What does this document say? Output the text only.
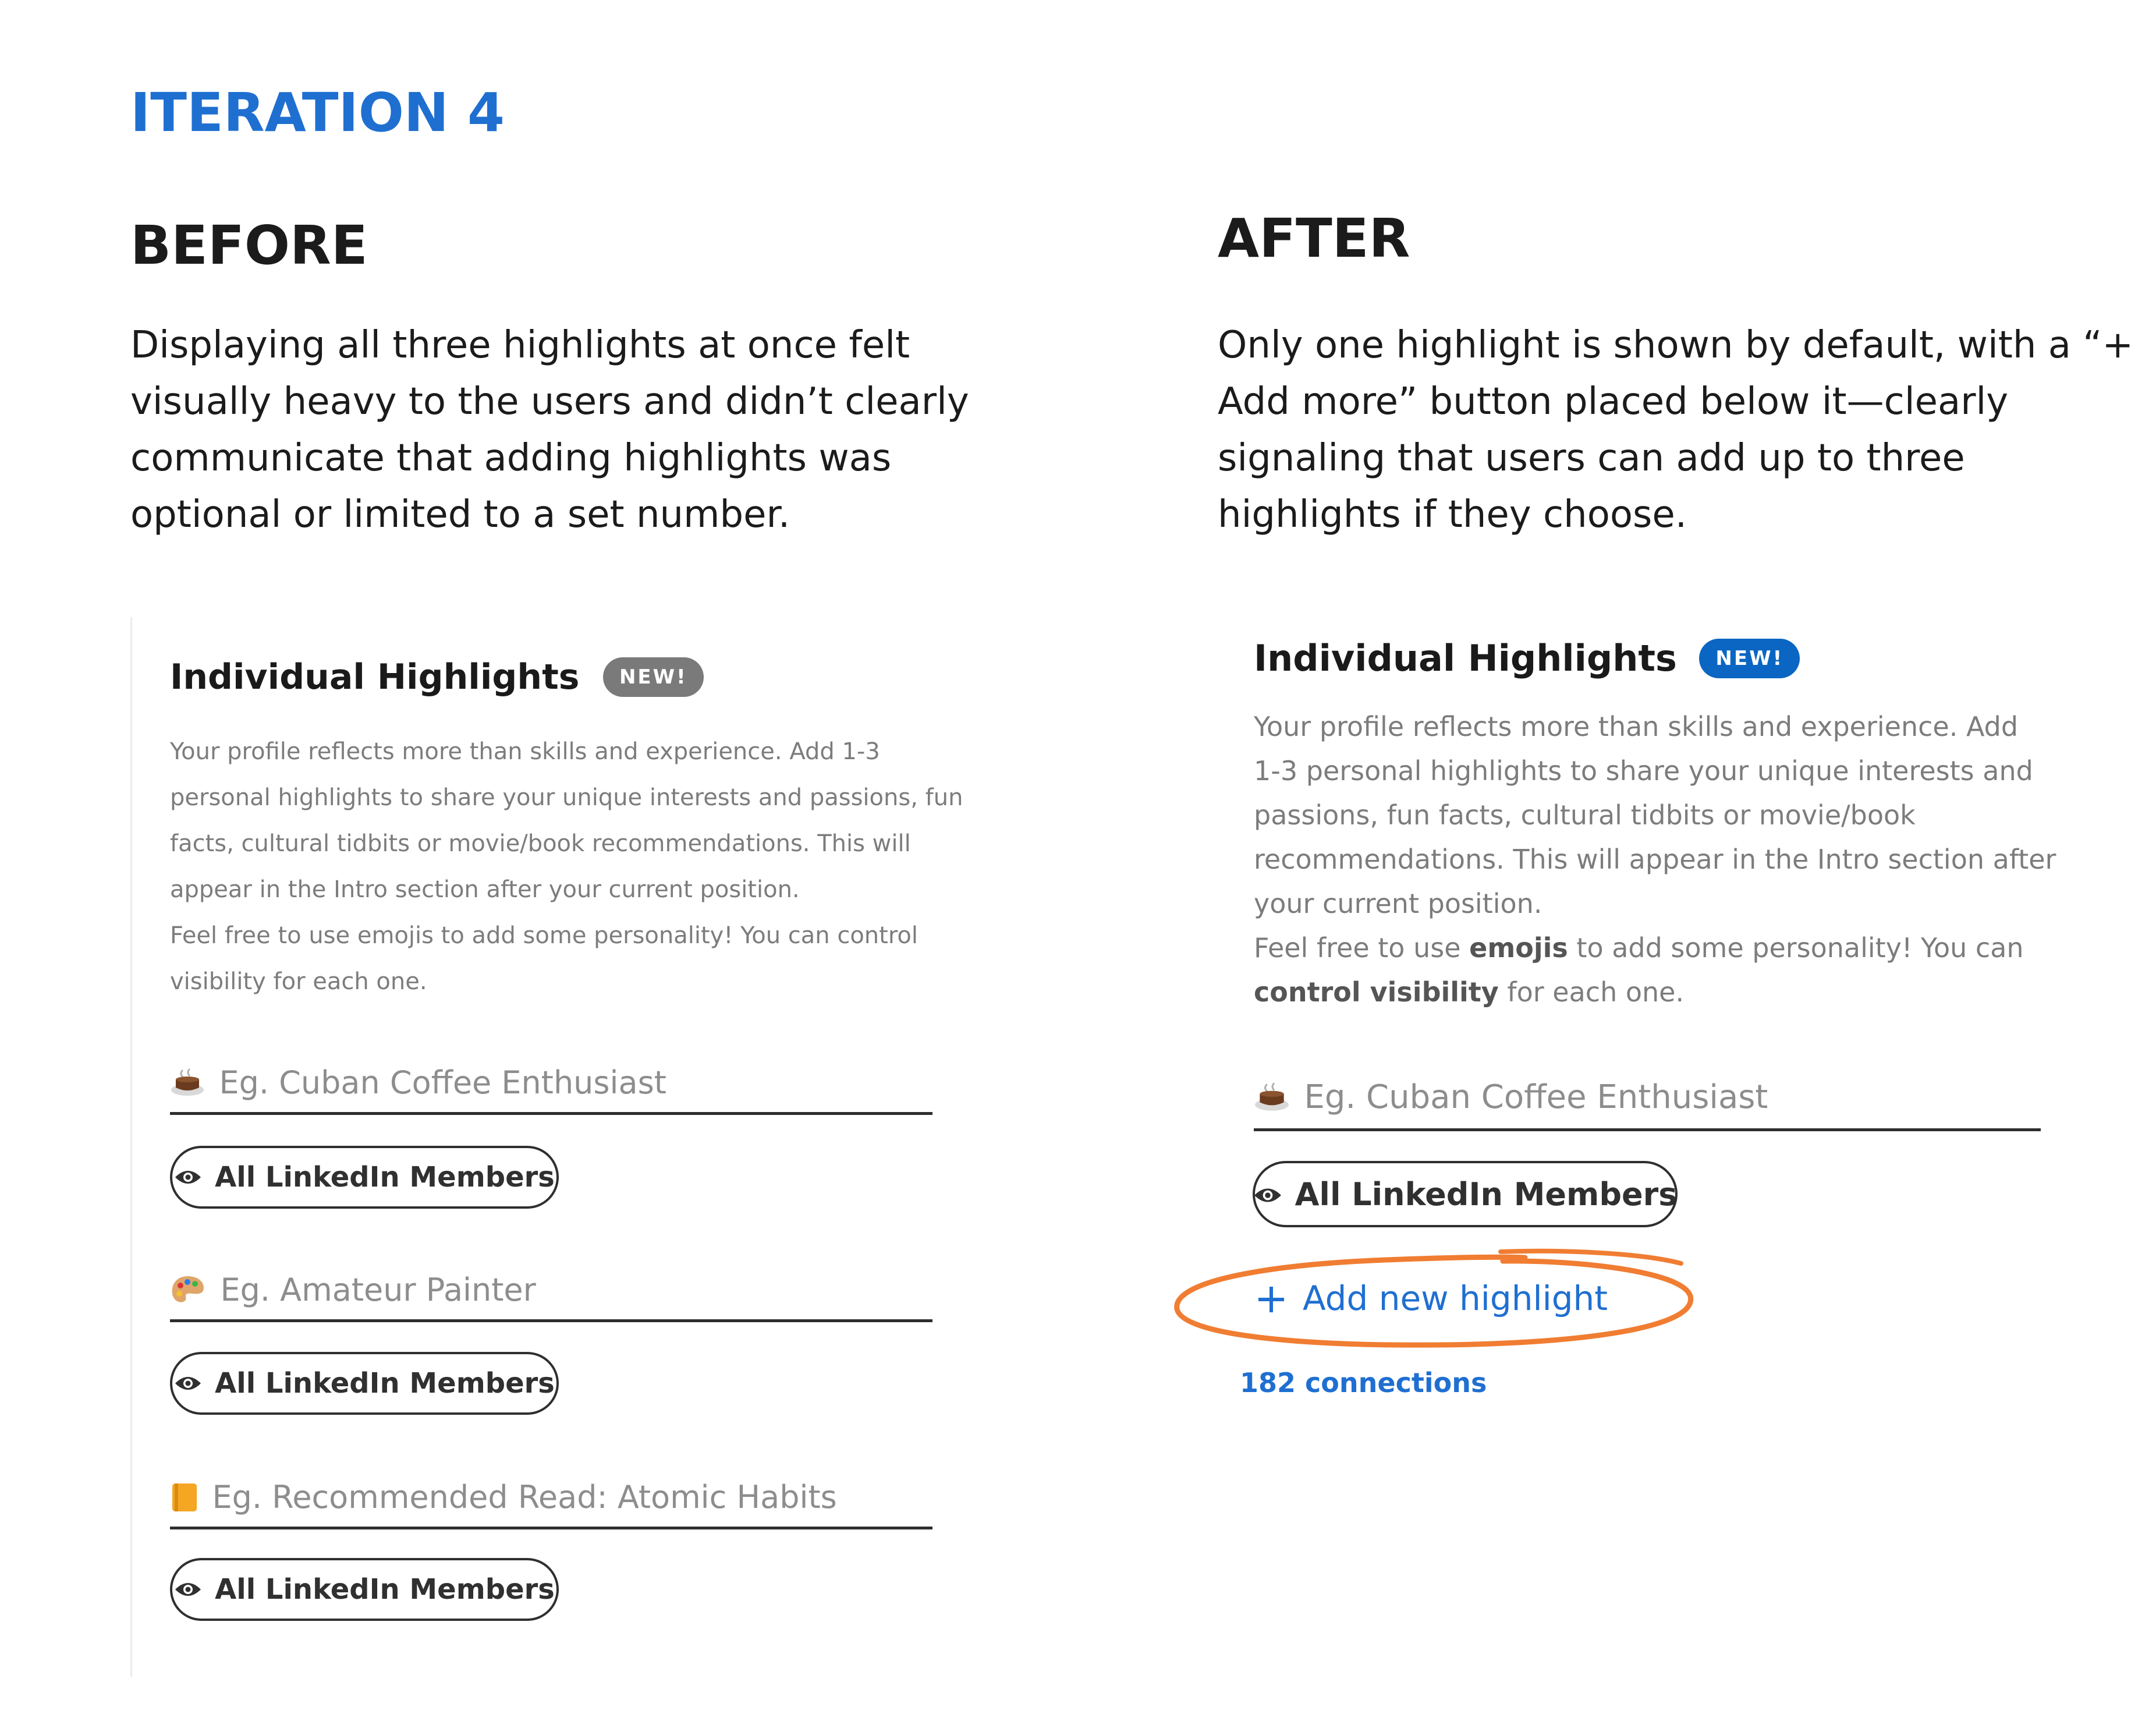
ITERATION 4
BEFORE
Displaying all three highlights at once felt
visually heavy to the users and didn’t clearly
communicate that adding highlights was
optional or limited to a set number.
AFTER
Only one highlight is shown by default, with a “+
Add more” button placed below it—clearly
signaling that users can add up to three
highlights if they choose.
Individual Highlights NEW!
Your profile reflects more than skills and experience. Add 1-3
personal highlights to share your unique interests and passions, fun
facts, cultural tidbits or movie/book recommendations. This will
appear in the Intro section after your current position.
Feel free to use emojis to add some personality! You can control
visibility for each one.
Eg. Cuban Coffee Enthusiast
All LinkedIn Members
Eg. Amateur Painter
All LinkedIn Members
Eg. Recommended Read: Atomic Habits
All LinkedIn Members
Individual Highlights NEW!
Your profile reflects more than skills and experience. Add
1-3 personal highlights to share your unique interests and
passions, fun facts, cultural tidbits or movie/book
recommendations. This will appear in the Intro section after
your current position.
Feel free to use emojis to add some personality! You can
control visibility for each one.
Eg. Cuban Coffee Enthusiast
All LinkedIn Members
Add new highlight
182 connections
